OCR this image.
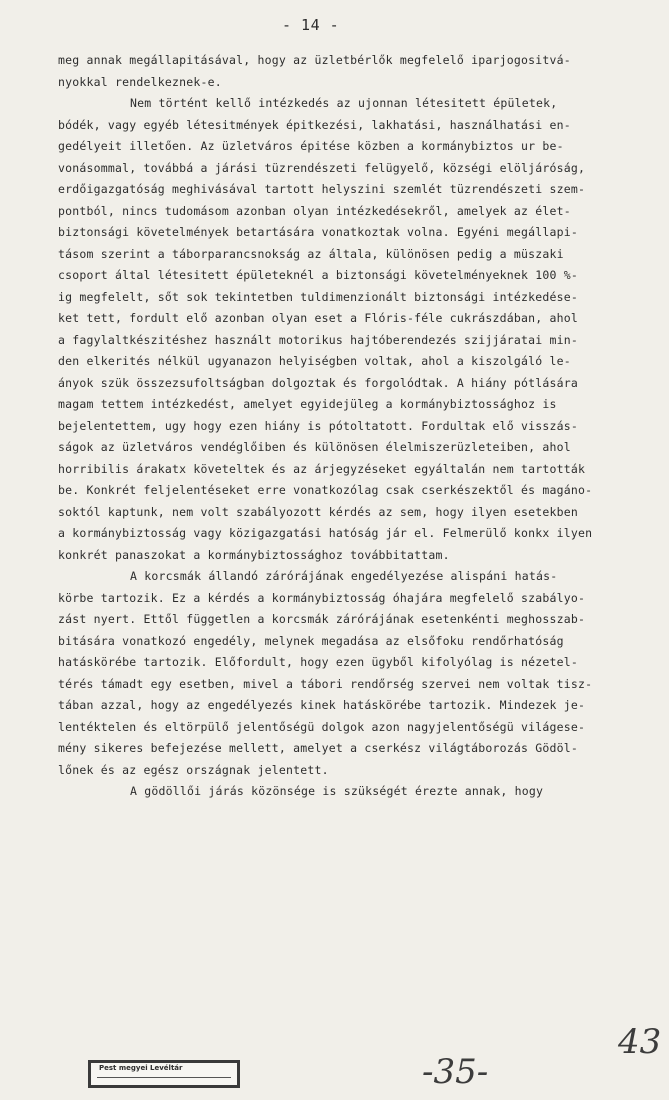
- 14 -
meg annak megállapitásával, hogy az üzletbérlők megfelelő iparjogositvá-
nyokkal rendelkeznek-e.
Nem történt kellő intézkedés az ujonnan létesitett épületek,
bódék, vagy egyéb létesitmények épitkezési, lakhatási, használhatási en-
gedélyeit illetően. Az üzletváros épitése közben a kormánybiztos ur be-
vonásommal, továbbá a járási tüzrendészeti felügyelő, községi elöljáróság,
erdőigazgatóság meghivásával tartott helyszini szemlét tüzrendészeti szem-
pontból, nincs tudomásom azonban olyan intézkedésekről, amelyek az élet-
biztonsági követelmények betartására vonatkoztak volna. Egyéni megállapi-
tásom szerint a táborparancsnokság az általa, különösen pedig a müszaki
csoport által létesitett épületeknél a biztonsági követelményeknek 100 %-
ig megfelelt, sőt sok tekintetben tuldimenzionált biztonsági intézkedése-
ket tett, fordult elő azonban olyan eset a Flóris-féle cukrászdában, ahol
a fagylaltkészitéshez használt motorikus hajtóberendezés szijjáratai min-
den elkerités nélkül ugyanazon helyiségben voltak, ahol a kiszolgáló le-
ányok szük összezsufoltságban dolgoztak és forgolódtak. A hiány pótlására
magam tettem intézkedést, amelyet egyidejüleg a kormánybiztossághoz is
bejelentettem, ugy hogy ezen hiány is pótoltatott. Fordultak elő visszás-
ságok az üzletváros vendéglőiben és különösen élelmiszerüzleteiben, ahol
horribilis árakatx követeltek és az árjegyzéseket egyáltalán nem tartották
be. Konkrét feljelentéseket erre vonatkozólag csak cserkészektől és magáno-
soktól kaptunk, nem volt szabályozott kérdés az sem, hogy ilyen esetekben
a kormánybiztosság vagy közigazgatási hatóság jár el. Felmerülő konkx ilyen
konkrét panaszokat a kormánybiztossághoz továbbitattam.
A korcsmák állandó zárórájának engedélyezése alispáni hatás-
körbe tartozik. Ez a kérdés a kormánybiztosság óhajára megfelelő szabályo-
zást nyert. Ettől független a korcsmák zárórájának esetenkénti meghosszab-
bitására vonatkozó engedély, melynek megadása az elsőfoku rendőrhatóság
hatáskörébe tartozik. Előfordult, hogy ezen ügyből kifolyólag is nézetel-
térés támadt egy esetben, mivel a tábori rendőrség szervei nem voltak tisz-
tában azzal, hogy az engedélyezés kinek hatáskörébe tartozik. Mindezek je-
lentéktelen és eltörpülő jelentőségü dolgok azon nagyjelentőségü világese-
mény sikeres befejezése mellett, amelyet a cserkész világtáborozás Gödöl-
lőnek és az egész országnak jelentett.
A gödöllői járás közönsége is szükségét érezte annak, hogy
Pest megyei Levéltár	-35-
43
